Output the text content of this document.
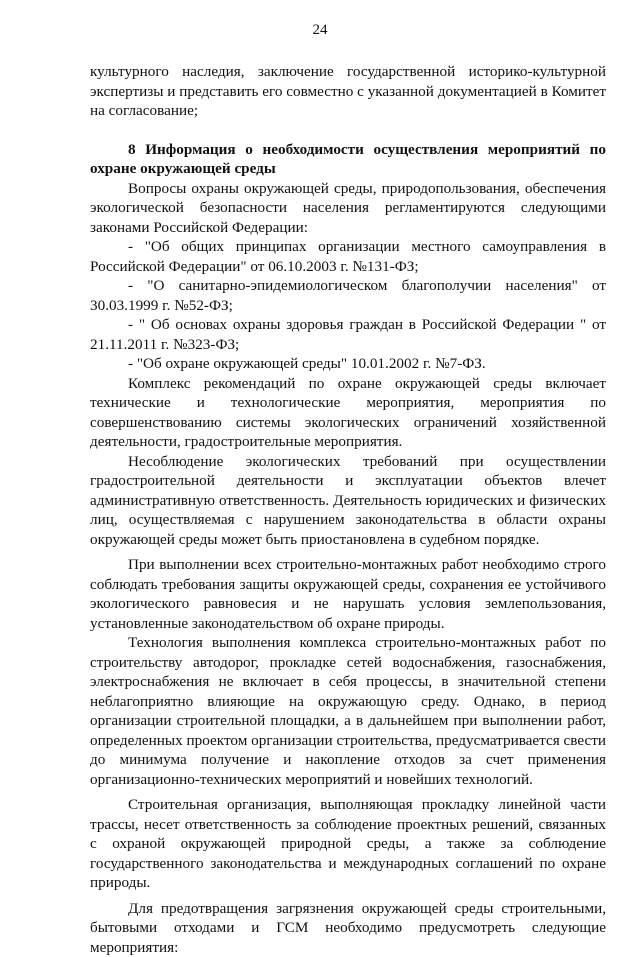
24

культурного наследия, заключение государственной историко-культурной экспертизы и представить его совместно с указанной документацией в Комитет на согласование;

8 Информация о необходимости осуществления мероприятий по охране окружающей среды

Вопросы охраны окружающей среды, природопользования, обеспечения экологической безопасности населения регламентируются следующими законами Российской Федерации:

- "Об общих принципах организации местного самоуправления в Российской Федерации" от 06.10.2003 г. №131-ФЗ;

- "О санитарно-эпидемиологическом благополучии населения" от 30.03.1999 г. №52-ФЗ;

- " Об основах охраны здоровья граждан в Российской Федерации " от 21.11.2011 г. №323-ФЗ;

- "Об охране окружающей среды" 10.01.2002 г. №7-ФЗ.

Комплекс рекомендаций по охране окружающей среды включает технические и технологические мероприятия, мероприятия по совершенствованию системы экологических ограничений хозяйственной деятельности, градостроительные мероприятия.

Несоблюдение экологических требований при осуществлении градостроительной деятельности и эксплуатации объектов влечет административную ответственность. Деятельность юридических и физических лиц, осуществляемая с нарушением законодательства в области охраны окружающей среды может быть приостановлена в судебном порядке.

При выполнении всех строительно-монтажных работ необходимо строго соблюдать требования защиты окружающей среды, сохранения ее устойчивого экологического равновесия и не нарушать условия землепользования, установленные законодательством об охране природы.

Технология выполнения комплекса строительно-монтажных работ по строительству автодорог, прокладке сетей водоснабжения, газоснабжения, электроснабжения не включает в себя процессы, в значительной степени неблагоприятно влияющие на окружающую среду. Однако, в период организации строительной площадки, а в дальнейшем при выполнении работ, определенных проектом организации строительства, предусматривается свести до минимума получение и накопление отходов за счет применения организационно-технических мероприятий и новейших технологий.

Строительная организация, выполняющая прокладку линейной части трассы, несет ответственность за соблюдение проектных решений, связанных с охраной окружающей природной среды, а также за соблюдение государственного законодательства и международных соглашений по охране природы.

Для предотвращения загрязнения окружающей среды строительными, бытовыми отходами и ГСМ необходимо предусмотреть следующие мероприятия:
